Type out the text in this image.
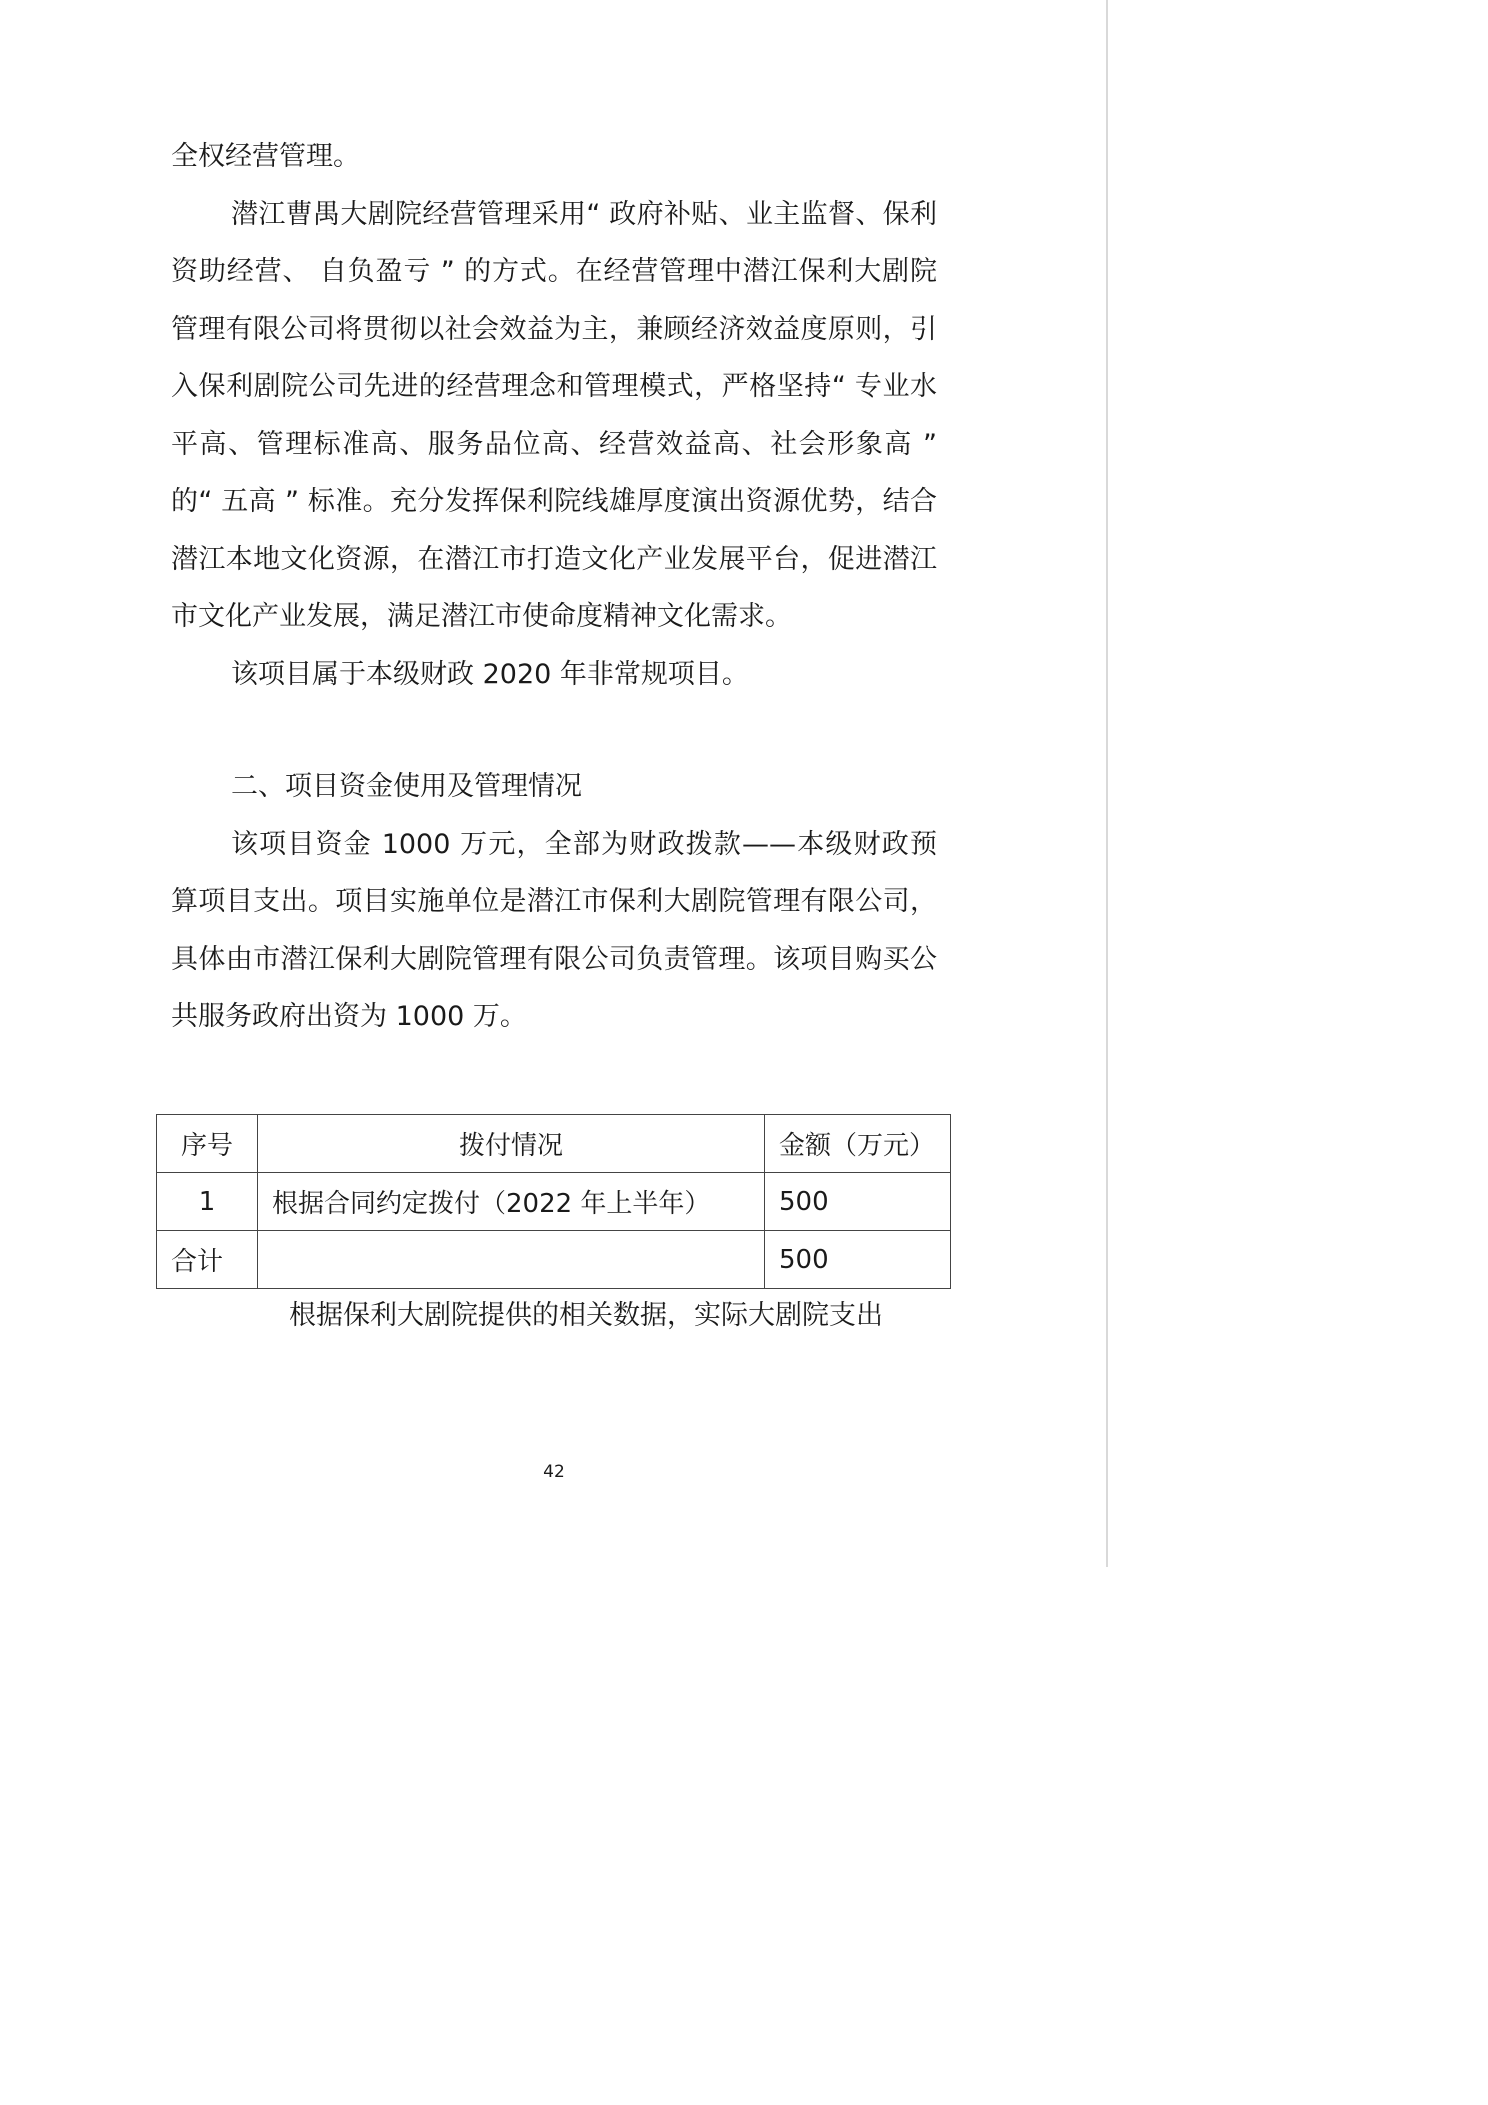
全权经营管理。

潜江曹禺大剧院经营管理采用“ 政府补贴、业主监督、保利资助经营、 自负盈亏 ” 的方式。在经营管理中潜江保利大剧院管理有限公司将贯彻以社会效益为主，兼顾经济效益度原则，引入保利剧院公司先进的经营理念和管理模式，严格坚持“ 专业水平高、管理标准高、服务品位高、经营效益高、社会形象高 ” 的“ 五高 ” 标准。充分发挥保利院线雄厚度演出资源优势，结合潜江本地文化资源，在潜江市打造文化产业发展平台，促进潜江市文化产业发展，满足潜江市使命度精神文化需求。

该项目属于本级财政 2020 年非常规项目。

二、项目资金使用及管理情况

该项目资金 1000 万元，全部为财政拨款——本级财政预算项目支出。项目实施单位是潜江市保利大剧院管理有限公司，具体由市潜江保利大剧院管理有限公司负责管理。该项目购买公共服务政府出资为 1000 万。

序号	拨付情况	金额（万元）
1	根据合同约定拨付（2022 年上半年）	500
合计		500

根据保利大剧院提供的相关数据，实际大剧院支出

42
